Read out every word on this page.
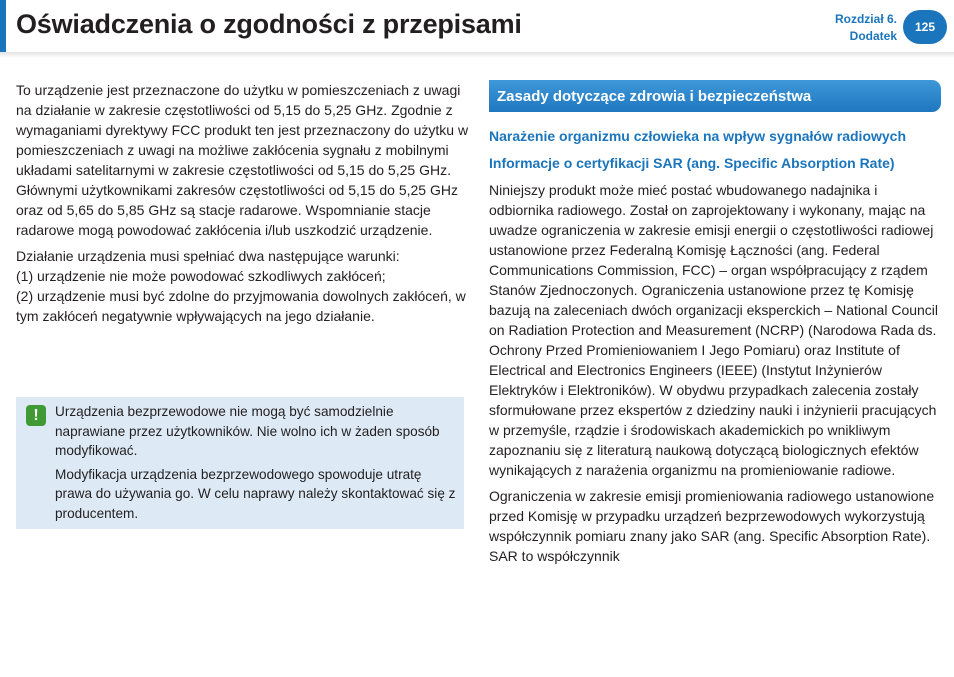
Oświadczenia o zgodności z przepisami	Rozdział 6.
Dodatek
125

To urządzenie jest przeznaczone do użytku w pomieszczeniach z uwagi na działanie w zakresie częstotliwości od 5,15 do 5,25 GHz. Zgodnie z wymaganiami dyrektywy FCC produkt ten jest przeznaczony do użytku w pomieszczeniach z uwagi na możliwe zakłócenia sygnału z mobilnymi układami satelitarnymi w zakresie częstotliwości od 5,15 do 5,25 GHz. Głównymi użytkownikami zakresów częstotliwości od 5,15 do 5,25 GHz oraz od 5,65 do 5,85 GHz są stacje radarowe. Wspomnianie stacje radarowe mogą powodować zakłócenia i/lub uszkodzić urządzenie.

Działanie urządzenia musi spełniać dwa następujące warunki:
(1) urządzenie nie może powodować szkodliwych zakłóceń;
(2) urządzenie musi być zdolne do przyjmowania dowolnych zakłóceń, w tym zakłóceń negatywnie wpływających na jego działanie.

!	Urządzenia bezprzewodowe nie mogą być samodzielnie naprawiane przez użytkowników. Nie wolno ich w żaden sposób modyfikować.

Modyfikacja urządzenia bezprzewodowego spowoduje utratę prawa do używania go. W celu naprawy należy skontaktować się z producentem.

Zasady dotyczące zdrowia i bezpieczeństwa
Narażenie organizmu człowieka na wpływ sygnałów radiowych
Informacje o certyfikacji SAR (ang. Specific Absorption Rate)

Niniejszy produkt może mieć postać wbudowanego nadajnika i odbiornika radiowego. Został on zaprojektowany i wykonany, mając na uwadze ograniczenia w zakresie emisji energii o częstotliwości radiowej ustanowione przez Federalną Komisję Łączności (ang. Federal Communications Commission, FCC) – organ współpracujący z rządem Stanów Zjednoczonych. Ograniczenia ustanowione przez tę Komisję bazują na zaleceniach dwóch organizacji eksperckich – National Council on Radiation Protection and Measurement (NCRP) (Narodowa Rada ds. Ochrony Przed Promieniowaniem I Jego Pomiaru) oraz Institute of Electrical and Electronics Engineers (IEEE) (Instytut Inżynierów Elektryków i Elektroników). W obydwu przypadkach zalecenia zostały sformułowane przez ekspertów z dziedziny nauki i inżynierii pracujących w przemyśle, rządzie i środowiskach akademickich po wnikliwym zapoznaniu się z literaturą naukową dotyczącą biologicznych efektów wynikających z narażenia organizmu na promieniowanie radiowe.

Ograniczenia w zakresie emisji promieniowania radiowego ustanowione przed Komisję w przypadku urządzeń bezprzewodowych wykorzystują współczynnik pomiaru znany jako SAR (ang. Specific Absorption Rate). SAR to współczynnik
